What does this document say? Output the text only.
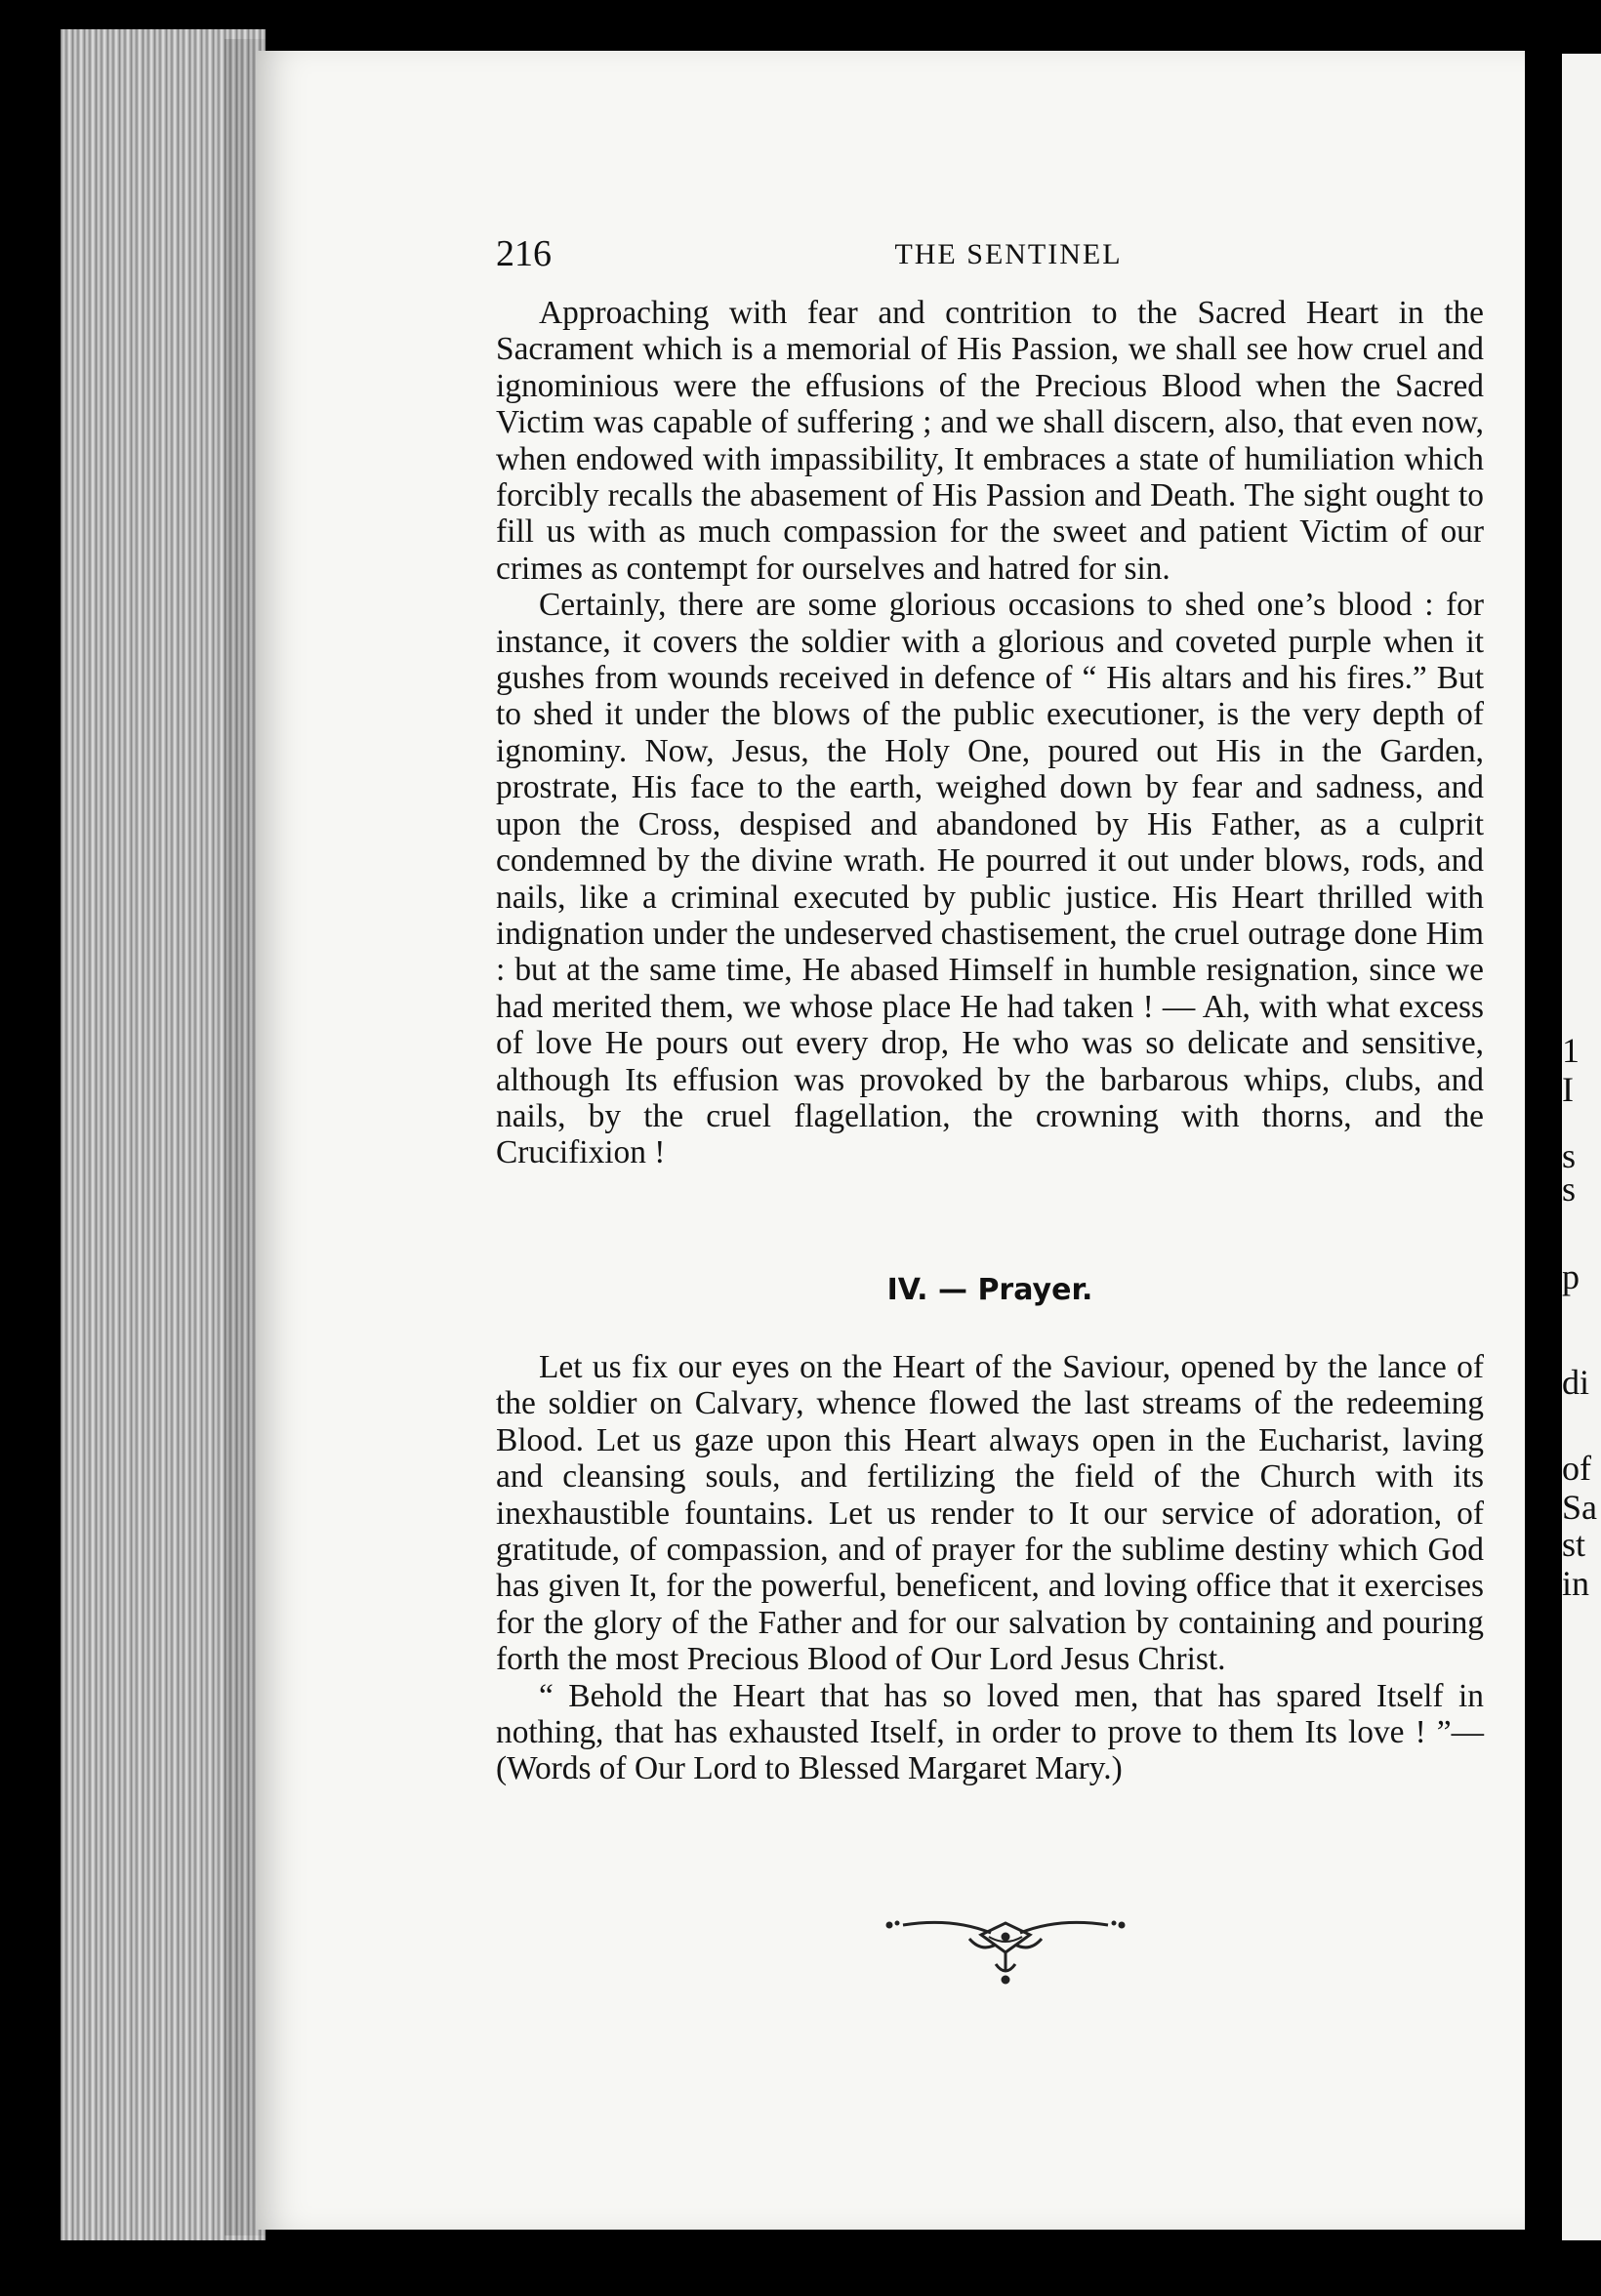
1
I
s
s
p
di
of
Sa
st
in
216	THE SENTINEL

Approaching with fear and contrition to the Sacred Heart in the Sacrament which is a memorial of His Passion, we shall see how cruel and ignominious were the effusions of the Precious Blood when the Sacred Victim was capable of suffering ; and we shall discern, also, that even now, when endowed with impassibility, It embraces a state of humiliation which forcibly recalls the abasement of His Passion and Death. The sight ought to fill us with as much compassion for the sweet and patient Victim of our crimes as contempt for ourselves and hatred for sin.

Certainly, there are some glorious occasions to shed one’s blood : for instance, it covers the soldier with a glorious and coveted purple when it gushes from wounds received in defence of “ His altars and his fires.” But to shed it under the blows of the public executioner, is the very depth of ignominy. Now, Jesus, the Holy One, poured out His in the Garden, prostrate, His face to the earth, weighed down by fear and sadness, and upon the Cross, despised and abandoned by His Father, as a culprit condemned by the divine wrath. He pourred it out under blows, rods, and nails, like a criminal executed by public justice. His Heart thrilled with indignation under the undeserved chastisement, the cruel outrage done Him : but at the same time, He abased Himself in humble resignation, since we had merited them, we whose place He had taken ! — Ah, with what excess of love He pours out every drop, He who was so delicate and sensitive, although Its effusion was provoked by the barbarous whips, clubs, and nails, by the cruel flagellation, the crowning with thorns, and the Crucifixion !

IV. — Prayer.

Let us fix our eyes on the Heart of the Saviour, opened by the lance of the soldier on Calvary, whence flowed the last streams of the redeeming Blood. Let us gaze upon this Heart always open in the Eucharist, laving and cleansing souls, and fertilizing the field of the Church with its inexhaustible fountains. Let us render to It our service of adoration, of gratitude, of compassion, and of prayer for the sublime destiny which God has given It, for the powerful, beneficent, and loving office that it exercises for the glory of the Father and for our salvation by containing and pouring forth the most Precious Blood of Our Lord Jesus Christ.

“ Behold the Heart that has so loved men, that has spared Itself in nothing, that has exhausted Itself, in order to prove to them Its love ! ”—(Words of Our Lord to Blessed Margaret Mary.)
